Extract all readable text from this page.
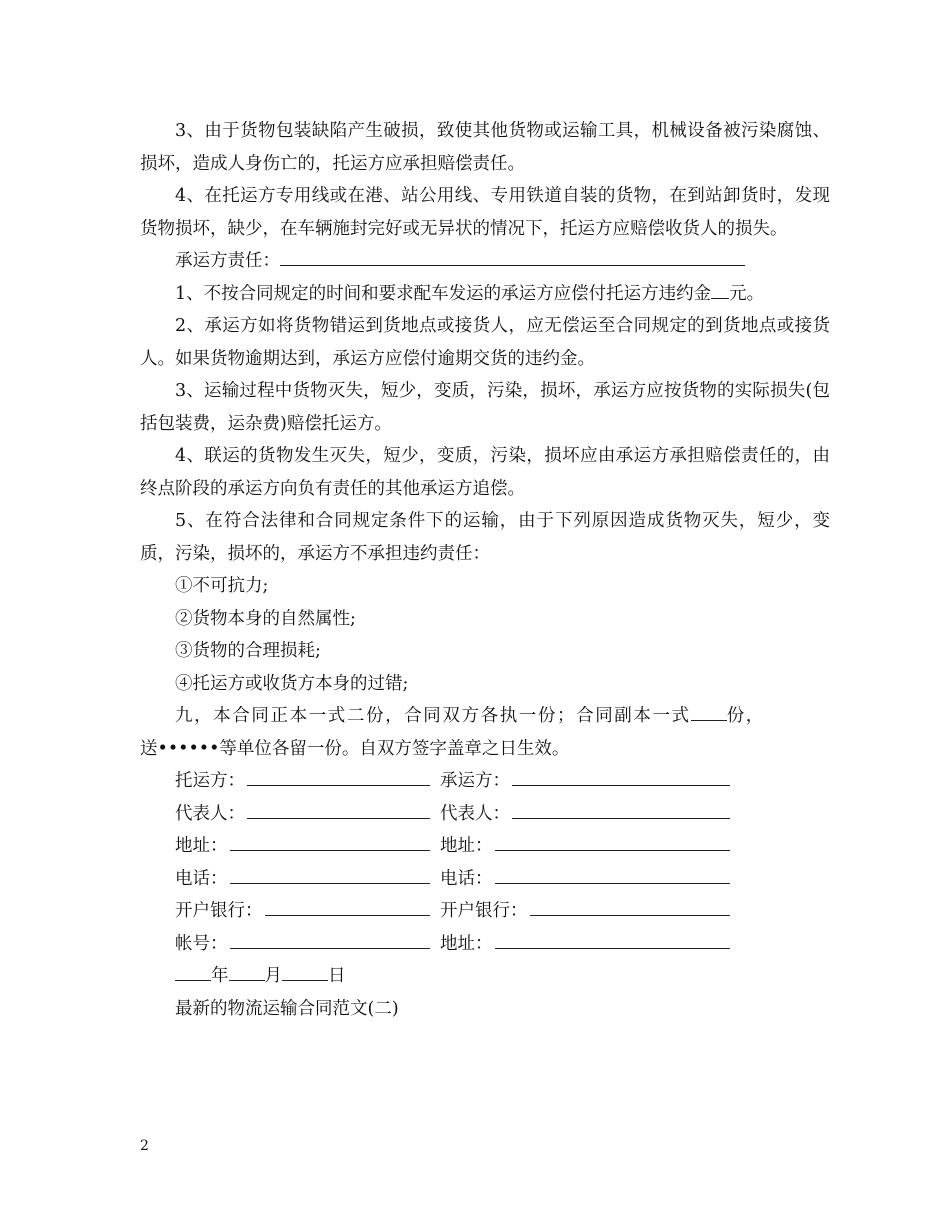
3、由于货物包装缺陷产生破损，致使其他货物或运输工具，机械设备被污染腐蚀、损坏，造成人身伤亡的，托运方应承担赔偿责任。

4、在托运方专用线或在港、站公用线、专用铁道自装的货物，在到站卸货时，发现货物损坏，缺少，在车辆施封完好或无异状的情况下，托运方应赔偿收货人的损失。

承运方责任：

1、不按合同规定的时间和要求配车发运的承运方应偿付托运方违约金 元。

2、承运方如将货物错运到货地点或接货人，应无偿运至合同规定的到货地点或接货人。如果货物逾期达到，承运方应偿付逾期交货的违约金。

3、运输过程中货物灭失，短少，变质，污染，损坏，承运方应按货物的实际损失(包括包装费，运杂费)赔偿托运方。

4、联运的货物发生灭失，短少，变质，污染，损坏应由承运方承担赔偿责任的，由终点阶段的承运方向负有责任的其他承运方追偿。

5、在符合法律和合同规定条件下的运输，由于下列原因造成货物灭失，短少，变质，污染，损坏的，承运方不承担违约责任：

①不可抗力;

②货物本身的自然属性;

③货物的合理损耗;

④托运方或收货方本身的过错;

九，本合同正本一式二份，合同双方各执一份；合同副本一式 份，

送••••••等单位各留一份。自双方签字盖章之日生效。

托运方：	承运方：
代表人：	代表人：
地址：	地址：
电话：	电话：
开户银行：	开户银行：
帐号：	地址：

年 月	日

最新的物流运输合同范文(二)

2
